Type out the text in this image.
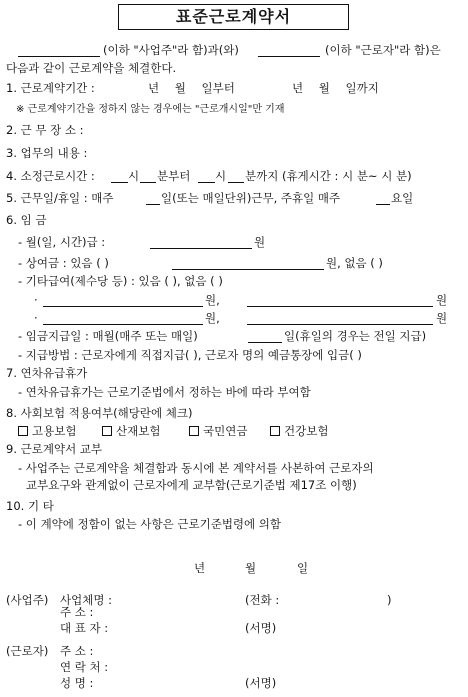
표준근로계약서
(이하 "사업주"라 함)과(와)	(이하 "근로자"라 함)은
다음과 같이 근로계약을 체결한다.
1. 근로계약기간 :	년 월 일부터	년 월 일까지
※ 근로계약기간을 정하지 않는 경우에는 "근로개시일"만 기재
2. 근 무 장 소 :
3. 업무의 내용 :
4. 소정근로시간 :	시 분부터 시 분까지 (휴게시간 : 시 분~ 시 분)
5. 근무일/휴일 : 매주	일(또는 매일단위)근무, 주휴일 매주	요일
6. 임 금
- 월(일, 시간)급 :	원
- 상여금 : 있음 ( )	원, 없음 ( )
- 기타급여(제수당 등) : 있음 ( ), 없음 ( )
·	원,	원
·	원,	원
- 임금지급일 : 매월(매주 또는 매일)	일(휴일의 경우는 전일 지급)
- 지급방법 : 근로자에게 직접지급( ), 근로자 명의 예금통장에 입금( )
7. 연차유급휴가
- 연차유급휴가는 근로기준법에서 정하는 바에 따라 부여함
8. 사회보험 적용여부(해당란에 체크)
고용보험	산재보험	국민연금	건강보험
9. 근로계약서 교부
- 사업주는 근로계약을 체결함과 동시에 본 계약서를 사본하여 근로자의
교부요구와 관계없이 근로자에게 교부함(근로기준법 제17조 이행)
10. 기 타
- 이 계약에 정함이 없는 사항은 근로기준법령에 의함
년	월	일
(사업주) 사업체명 :	(전화 :	)
주 소 :
대 표 자 :	(서명)
(근로자) 주 소 :
연 락 처 :
성 명 :	(서명)
